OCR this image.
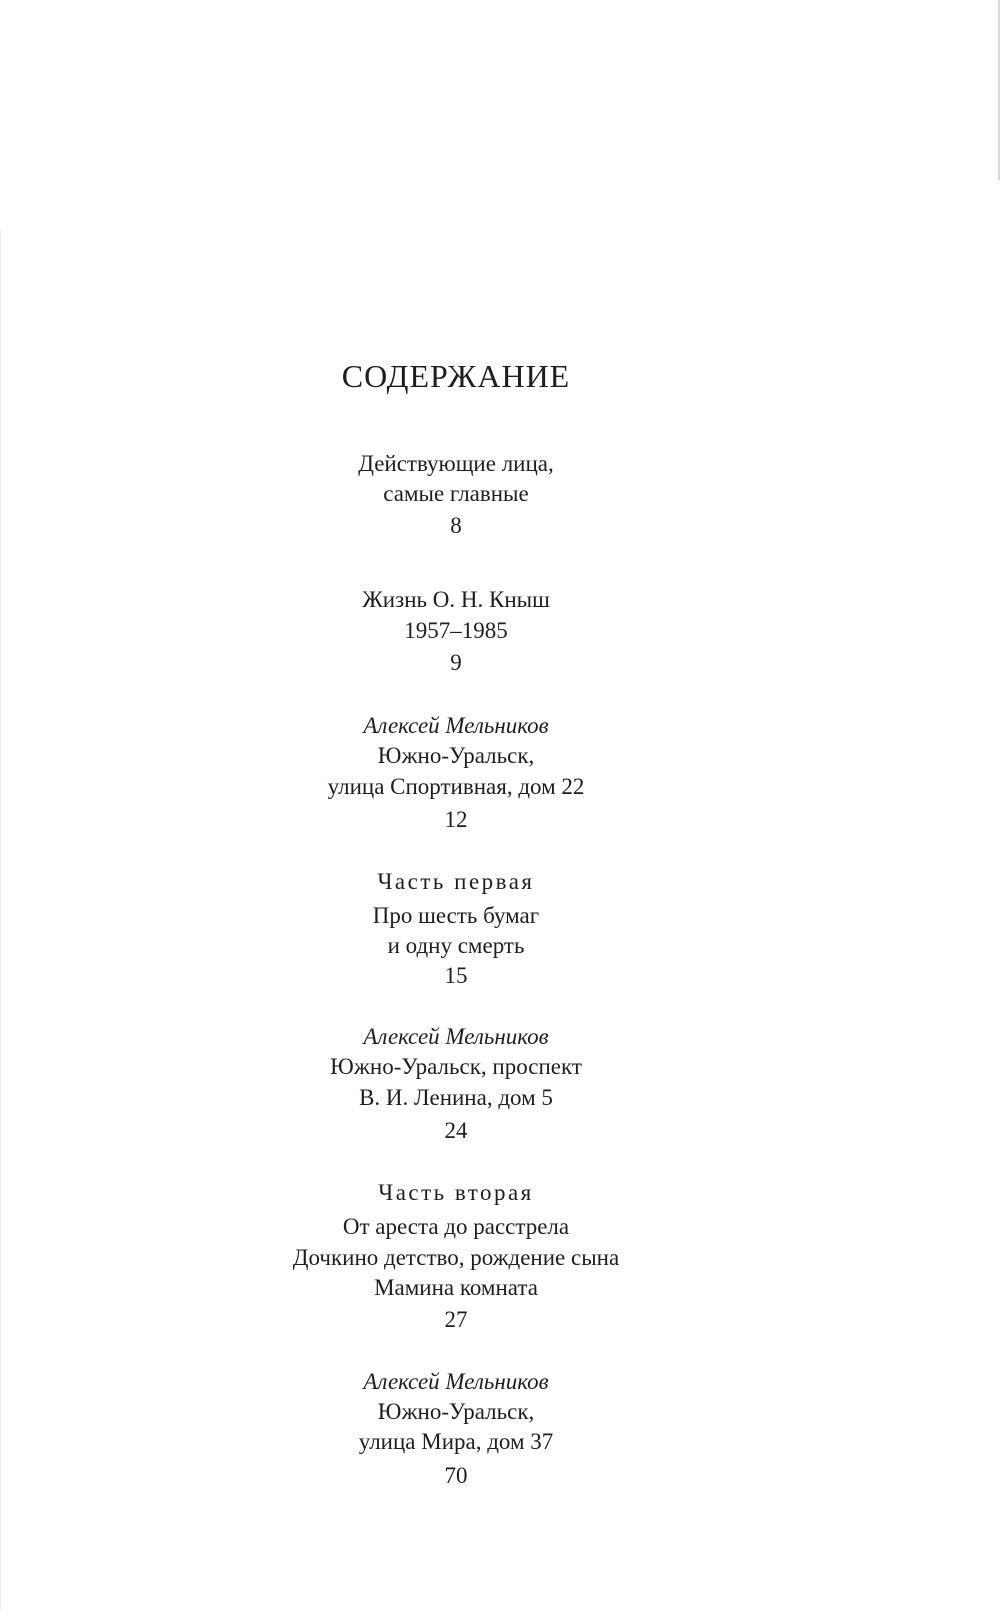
СОДЕРЖАНИЕ
Действующие лица,
самые главные
8
Жизнь О. Н. Кныш
1957–1985
9
Алексей Мельников
Южно-Уральск,
улица Спортивная, дом 22
12
Часть первая
Про шесть бумаг
и одну смерть
15
Алексей Мельников
Южно-Уральск, проспект
В. И. Ленина, дом 5
24
Часть вторая
От ареста до расстрела
Дочкино детство, рождение сына
Мамина комната
27
Алексей Мельников
Южно-Уральск,
улица Мира, дом 37
70
